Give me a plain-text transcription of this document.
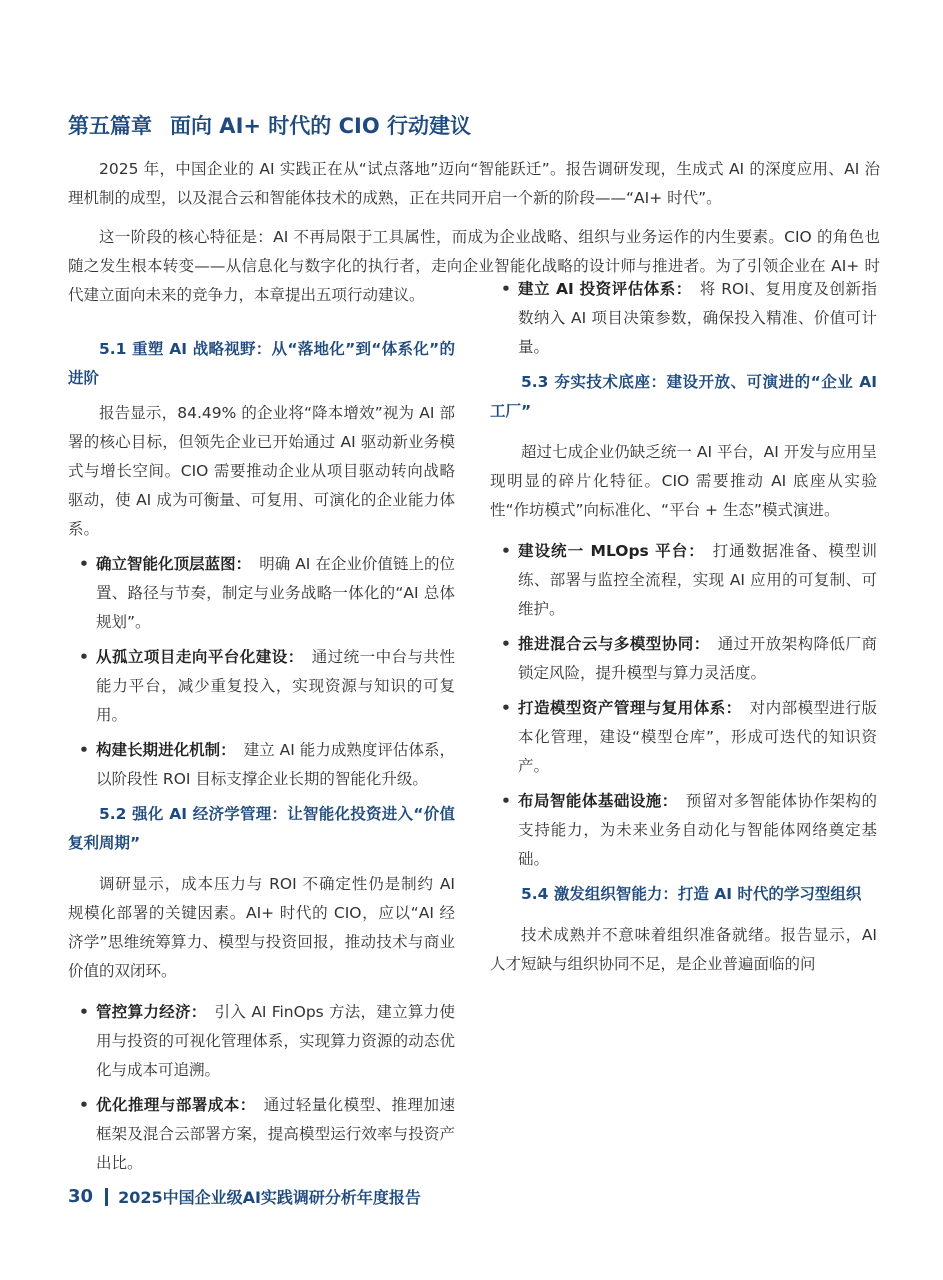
第五篇章 面向 AI+ 时代的 CIO 行动建议

2025 年，中国企业的 AI 实践正在从“试点落地”迈向“智能跃迁”。报告调研发现，生成式 AI 的深度应用、AI 治理机制的成型，以及混合云和智能体技术的成熟，正在共同开启一个新的阶段——“AI+ 时代”。

这一阶段的核心特征是：AI 不再局限于工具属性，而成为企业战略、组织与业务运作的内生要素。CIO 的角色也随之发生根本转变——从信息化与数字化的执行者，走向企业智能化战略的设计师与推进者。为了引领企业在 AI+ 时代建立面向未来的竞争力，本章提出五项行动建议。

5.1 重塑 AI 战略视野：从“落地化”到“体系化”的进阶

报告显示，84.49% 的企业将“降本增效”视为 AI 部署的核心目标，但领先企业已开始通过 AI 驱动新业务模式与增长空间。CIO 需要推动企业从项目驱动转向战略驱动，使 AI 成为可衡量、可复用、可演化的企业能力体系。

• 确立智能化顶层蓝图： 明确 AI 在企业价值链上的位置、路径与节奏，制定与业务战略一体化的“AI 总体规划”。
• 从孤立项目走向平台化建设： 通过统一中台与共性能力平台，减少重复投入，实现资源与知识的可复用。
• 构建长期进化机制： 建立 AI 能力成熟度评估体系，以阶段性 ROI 目标支撑企业长期的智能化升级。

5.2 强化 AI 经济学管理：让智能化投资进入“价值复利周期”

调研显示，成本压力与 ROI 不确定性仍是制约 AI 规模化部署的关键因素。AI+ 时代的 CIO，应以“AI 经济学”思维统筹算力、模型与投资回报，推动技术与商业价值的双闭环。

• 管控算力经济： 引入 AI FinOps 方法，建立算力使用与投资的可视化管理体系，实现算力资源的动态优化与成本可追溯。
• 优化推理与部署成本： 通过轻量化模型、推理加速框架及混合云部署方案，提高模型运行效率与投资产出比。
• 建立 AI 投资评估体系： 将 ROI、复用度及创新指数纳入 AI 项目决策参数，确保投入精准、价值可计量。

5.3 夯实技术底座：建设开放、可演进的“企业 AI 工厂”

超过七成企业仍缺乏统一 AI 平台，AI 开发与应用呈现明显的碎片化特征。CIO 需要推动 AI 底座从实验性“作坊模式”向标准化、“平台 + 生态”模式演进。

• 建设统一 MLOps 平台： 打通数据准备、模型训练、部署与监控全流程，实现 AI 应用的可复制、可维护。
• 推进混合云与多模型协同： 通过开放架构降低厂商锁定风险，提升模型与算力灵活度。
• 打造模型资产管理与复用体系： 对内部模型进行版本化管理，建设“模型仓库”，形成可迭代的知识资产。
• 布局智能体基础设施： 预留对多智能体协作架构的支持能力，为未来业务自动化与智能体网络奠定基础。

5.4 激发组织智能力：打造 AI 时代的学习型组织

技术成熟并不意味着组织准备就绪。报告显示，AI 人才短缺与组织协同不足，是企业普遍面临的问

30 2025中国企业级AI实践调研分析年度报告
